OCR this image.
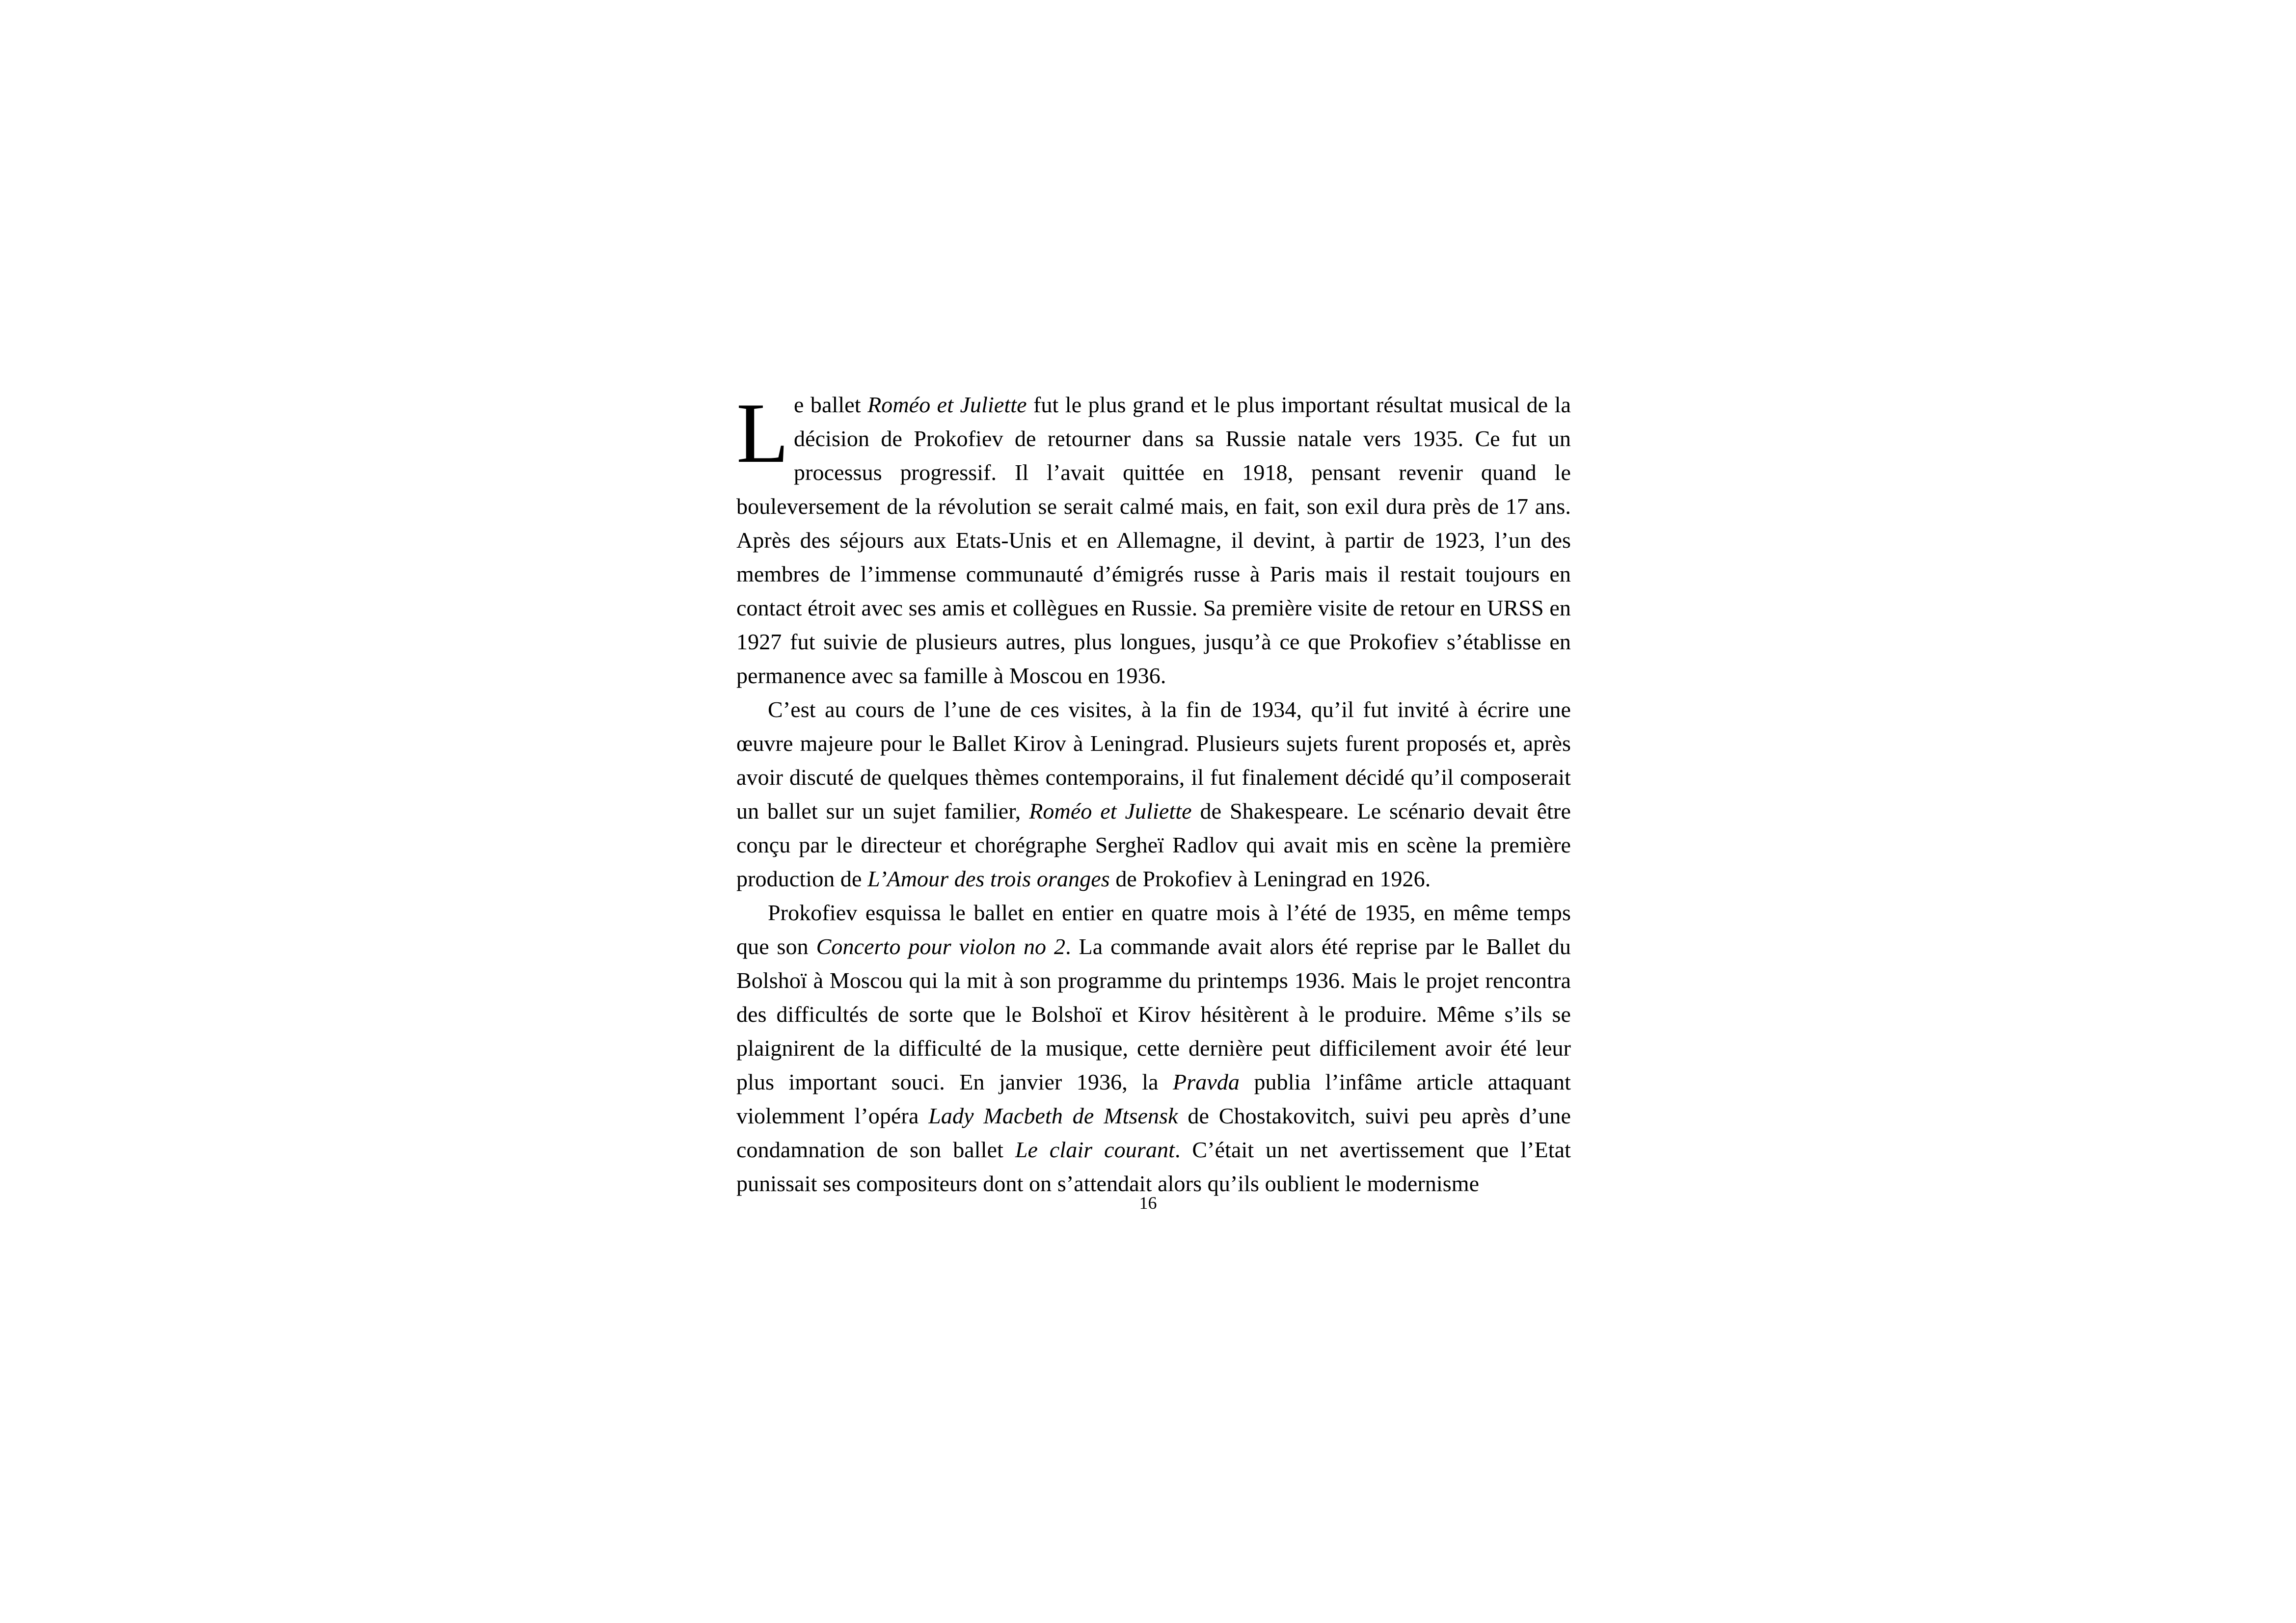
Le ballet Roméo et Juliette fut le plus grand et le plus important résultat musical de la décision de Prokofiev de retourner dans sa Russie natale vers 1935. Ce fut un processus progressif. Il l’avait quittée en 1918, pensant revenir quand le bouleversement de la révolution se serait calmé mais, en fait, son exil dura près de 17 ans. Après des séjours aux Etats-Unis et en Allemagne, il devint, à partir de 1923, l’un des membres de l’immense communauté d’émigrés russe à Paris mais il restait toujours en contact étroit avec ses amis et collègues en Russie. Sa première visite de retour en URSS en 1927 fut suivie de plusieurs autres, plus longues, jusqu’à ce que Prokofiev s’établisse en permanence avec sa famille à Moscou en 1936.

C’est au cours de l’une de ces visites, à la fin de 1934, qu’il fut invité à écrire une œuvre majeure pour le Ballet Kirov à Leningrad. Plusieurs sujets furent proposés et, après avoir discuté de quelques thèmes contemporains, il fut finalement décidé qu’il composerait un ballet sur un sujet familier, Roméo et Juliette de Shakespeare. Le scénario devait être conçu par le directeur et chorégraphe Sergheï Radlov qui avait mis en scène la première production de L’Amour des trois oranges de Prokofiev à Leningrad en 1926.

Prokofiev esquissa le ballet en entier en quatre mois à l’été de 1935, en même temps que son Concerto pour violon no 2. La commande avait alors été reprise par le Ballet du Bolshoï à Moscou qui la mit à son programme du printemps 1936. Mais le projet rencontra des difficultés de sorte que le Bolshoï et Kirov hésitèrent à le produire. Même s’ils se plaignirent de la difficulté de la musique, cette dernière peut difficilement avoir été leur plus important souci. En janvier 1936, la Pravda publia l’infâme article attaquant violemment l’opéra Lady Macbeth de Mtsensk de Chostakovitch, suivi peu après d’une condamnation de son ballet Le clair courant. C’était un net avertissement que l’Etat punissait ses compositeurs dont on s’attendait alors qu’ils oublient le modernisme

16
